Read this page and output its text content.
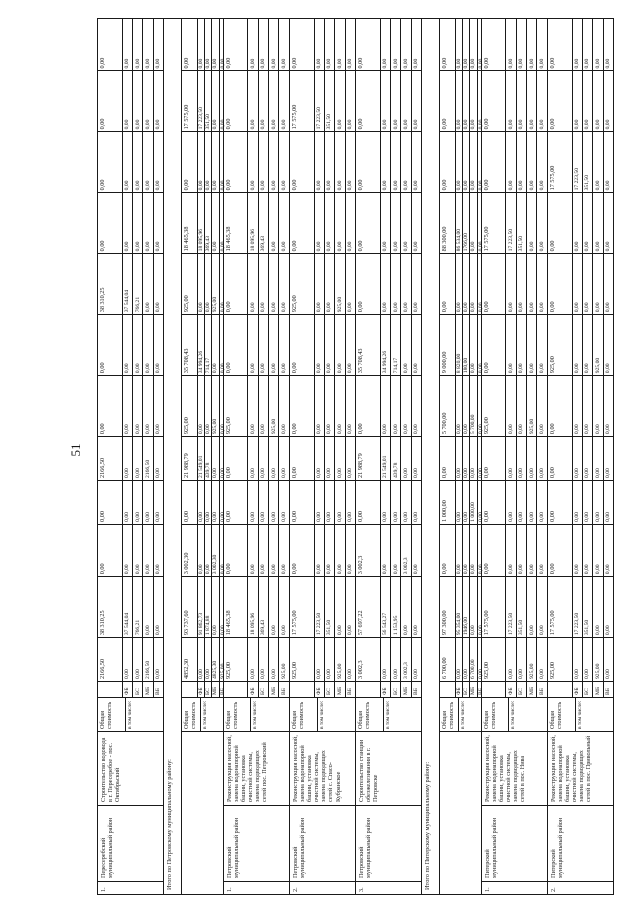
51
1.
Пересеребский муниципальный район
Строительство водовода в г. Пересеребое - пос. Октябрьский
Общая стоимость	в том числе:
ФБ БС МБ ВБ
2166,50	0,00 0,00 2166,50 0,00
38 310,25	37 544,04 766,21 0,00 0,00
0,00	0,00 0,00 0,00 0,00
0,00	0,00 0,00 0,00 0,00
2166,50	0,00 0,00 2166,50 0,00
0,00	0,00 0,00 0,00 0,00
0,00	0,00 0,00 0,00 0,00
38 310,25	37 544,04 766,21 0,00 0,00
0,00	0,00 0,00 0,00 0,00
0,00	0,00 0,00 0,00 0,00
0,00	0,00 0,00 0,00 0,00
0,00	0,00 0,00 0,00 0,00
Итого по Петровскому муниципальному району:
Общая стоимость в том числе:
ФБ БС МБ ВБ
4852,30	0,00 0,00 4825,30 925,00
93 737,60	91 862,73 1 874,88 0,00 0,00
3 002,30	0,00 0,00 3 002,30 0,00
0,00	0,00 0,00 0,00 0,00
21 988,79	21 549,01 439,78 0,00 0,00
925,00	0,00 0,00 925,00 0,00
35 708,43	34 994,26 714,17 0,00 0,00
925,00	0,00 0,00 925,00 0,00
18 465,38	18 095,96 369,43 0,00 0,00
0,00	0,00 0,00 0,00 0,00
17 575,00	17 223,50 351,50 0,00 0,00
0,00	0,00 0,00 0,00 0,00
1.
Петровский муниципальный район
Реконструкция насосной, замена водонапорной башни, установка очистной системы, замена подводящих сетей пос. Петровский
Общая стоимость	в том числе:
ФБ БС МБ ВБ
925,00	0,00 0,00 0,00 925,00
18 465,38	18 095,96 369,43 0,00 0,00
0,00	0,00 0,00 0,00 0,00
0,00	0,00 0,00 0,00 0,00
0,00	0,00 0,00 0,00 0,00
925,00	0,00 0,00 925,00 0,00
0,00	0,00 0,00 0,00 0,00
0,00	0,00 0,00 0,00 0,00
18 465,38	18 095,96 369,43 0,00 0,00
0,00	0,00 0,00 0,00 0,00
0,00	0,00 0,00 0,00 0,00
0,00	0,00 0,00 0,00 0,00
2.
Петровский муниципальный район
Реконструкция насосной, замена водонапорной башни, установка очистной системы, замена подводящих сетей с. Спасо-Кубранское
Общая стоимость	в том числе:
ФБ БС МБ ВБ
925,00	0,00 0,00 925,00 0,00
17 575,00	17 223,50 351,50 0,00 0,00
0,00	0,00 0,00 0,00 0,00
0,00	0,00 0,00 0,00 0,00
0,00	0,00 0,00 0,00 0,00
0,00	0,00 0,00 0,00 0,00
0,00	0,00 0,00 0,00 0,00
925,00	0,00 0,00 925,00 0,00
0,00	0,00 0,00 0,00 0,00
0,00	0,00 0,00 0,00 0,00
17 575,00	17 223,50 351,50 0,00 0,00
0,00	0,00 0,00 0,00 0,00
3.
Петровский муниципальный район
Строительство станции обезжелезивания в г. Петровске
Общая стоимость	в том числе:
ФБ БС МБ ВБ
3 002,3	0,00 0,00 3 002,3 0,00
57 697,22	56 543,27 1 153,95 0,00 0,00
3 002,3	0,00 0,00 3 002,3 0,00
0,00	0,00 0,00 0,00 0,00
21 988,79	21 549,01 439,78 0,00 0,00
0,00	0,00 0,00 0,00 0,00
35 708,43	34 994,26 714,17 0,00 0,00
0,00	0,00 0,00 0,00 0,00
0,00	0,00 0,00 0,00 0,00
0,00	0,00 0,00 0,00 0,00
0,00	0,00 0,00 0,00 0,00
0,00	0,00 0,00 0,00 0,00
Итого по Питерскому муниципальному району:
Общая стоимость в том числе:
ФБ БС МБ ВБ
6 700,00	0,00 0,00 6 700,00 0,00
97 300,00	95 354,00 1946,00 0,00 0,00
0,00	0,00 0,00 0,00 0,00
1 000,00	0,00 0,00 1 000,00 0,00
0,00	0,00 0,00 0,00 0,00
5 700,00	0,00 0,00 5 700,00 0,00
9 000,00	8 820,00 180,00 0,00 0,00
0,00	0,00 0,00 0,00 0,00
88 300,00	86 534,00 1766,00 0,00 0,00
0,00	0,00 0,00 0,00 0,00
0,00	0,00 0,00 0,00 0,00
0,00	0,00 0,00 0,00 0,00
1.
Питерский муниципальный район
Реконструкция насосной, замена водонапорной башни, установка очистной системы, замена подводящих сетей в пос. Нива
Общая стоимость	в том числе:
ФБ БС МБ ВБ
925,00	0,00 0,00 925,00 0,00
17 575,00	17 223,50 351,50 0,00 0,00
0,00	0,00 0,00 0,00 0,00
0,00	0,00 0,00 0,00 0,00
0,00	0,00 0,00 0,00 0,00
925,00	0,00 0,00 925,00 0,00
0,00	0,00 0,00 0,00 0,00
0,00	0,00 0,00 0,00 0,00
17 575,00	17 223,50 351,50 0,00 0,00
0,00	0,00 0,00 0,00 0,00
0,00	0,00 0,00 0,00 0,00
0,00	0,00 0,00 0,00 0,00
2.
Питерский муниципальный район
Реконструкция насосной, замена водонапорной башни, установка очистной системы, замена подводящих сетей в пос. Привольный
Общая стоимость	в том числе:
ФБ БС МБ ВБ
925,00	0,00 0,00 925,00 0,00
17 575,00	17 223,50 351,50 0,00 0,00
0,00	0,00 0,00 0,00 0,00
0,00	0,00 0,00 0,00 0,00
0,00	0,00 0,00 0,00 0,00
0,00	0,00 0,00 0,00 0,00
925,00	0,00 0,00 925,00 0,00
0,00	0,00 0,00 0,00 0,00
0,00	0,00 0,00 0,00 0,00
17 575,00	17 223,50 351,50 0,00 0,00
0,00	0,00 0,00 0,00 0,00
0,00	0,00 0,00 0,00 0,00
